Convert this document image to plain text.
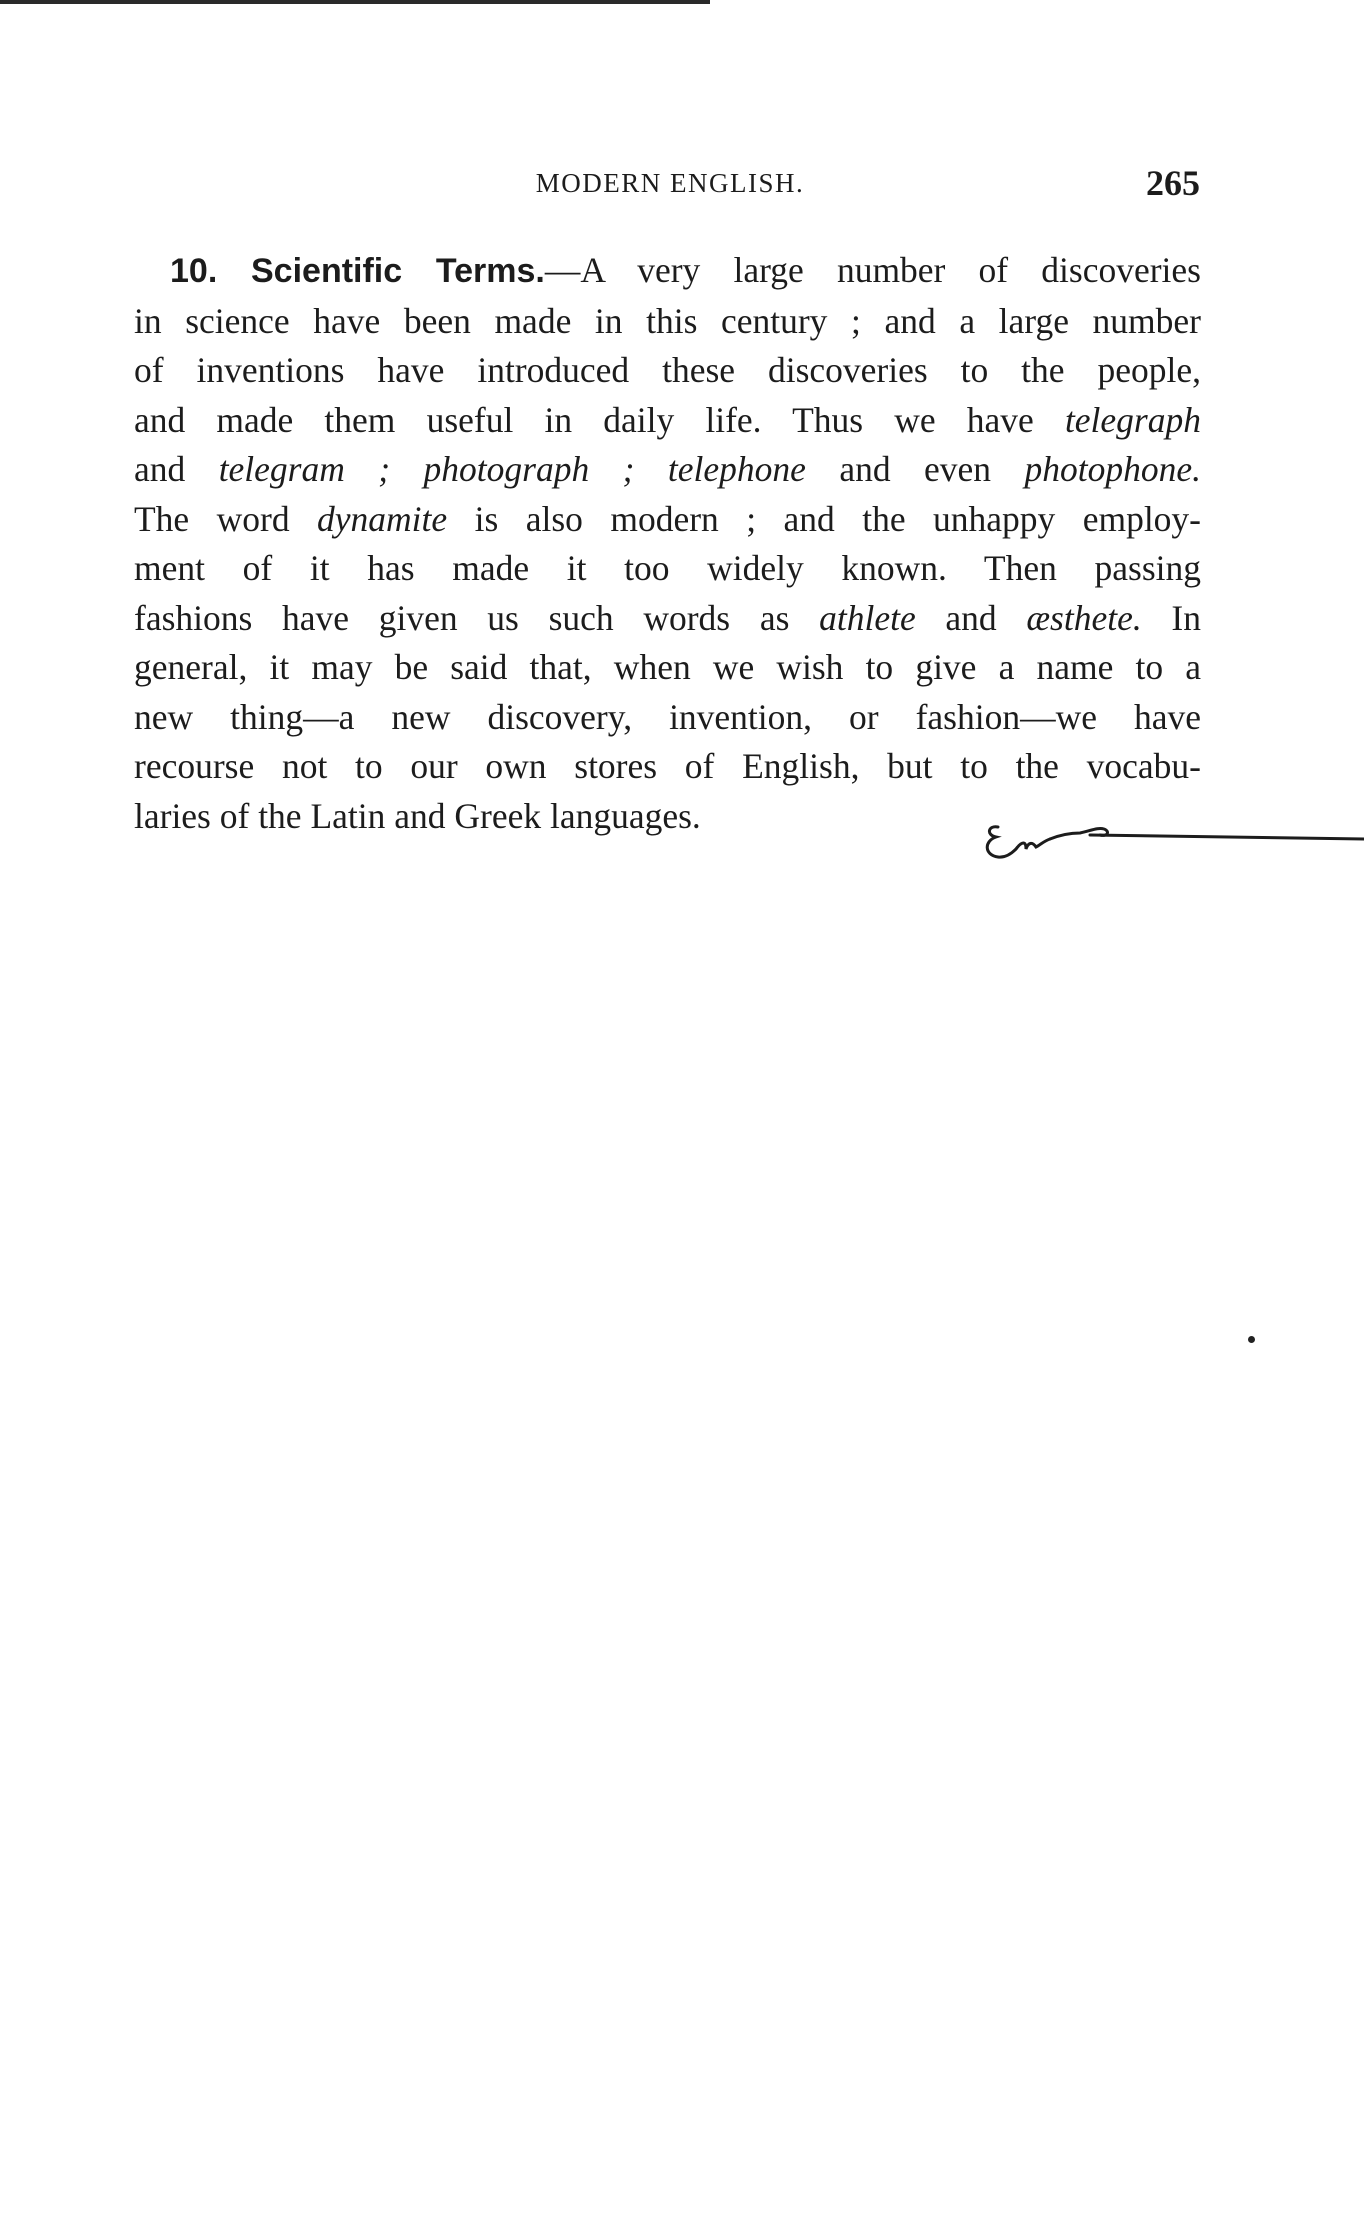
MODERN ENGLISH.	265
10. Scientific Terms.—A very large number of discoveries
in science have been made in this century ; and a large number
of inventions have introduced these discoveries to the people,
and made them useful in daily life. Thus we have telegraph
and telegram ; photograph ; telephone and even photophone.
The word dynamite is also modern ; and the unhappy employ-
ment of it has made it too widely known. Then passing
fashions have given us such words as athlete and æsthete. In
general, it may be said that, when we wish to give a name to a
new thing—a new discovery, invention, or fashion—we have
recourse not to our own stores of English, but to the vocabu-
laries of the Latin and Greek languages.
